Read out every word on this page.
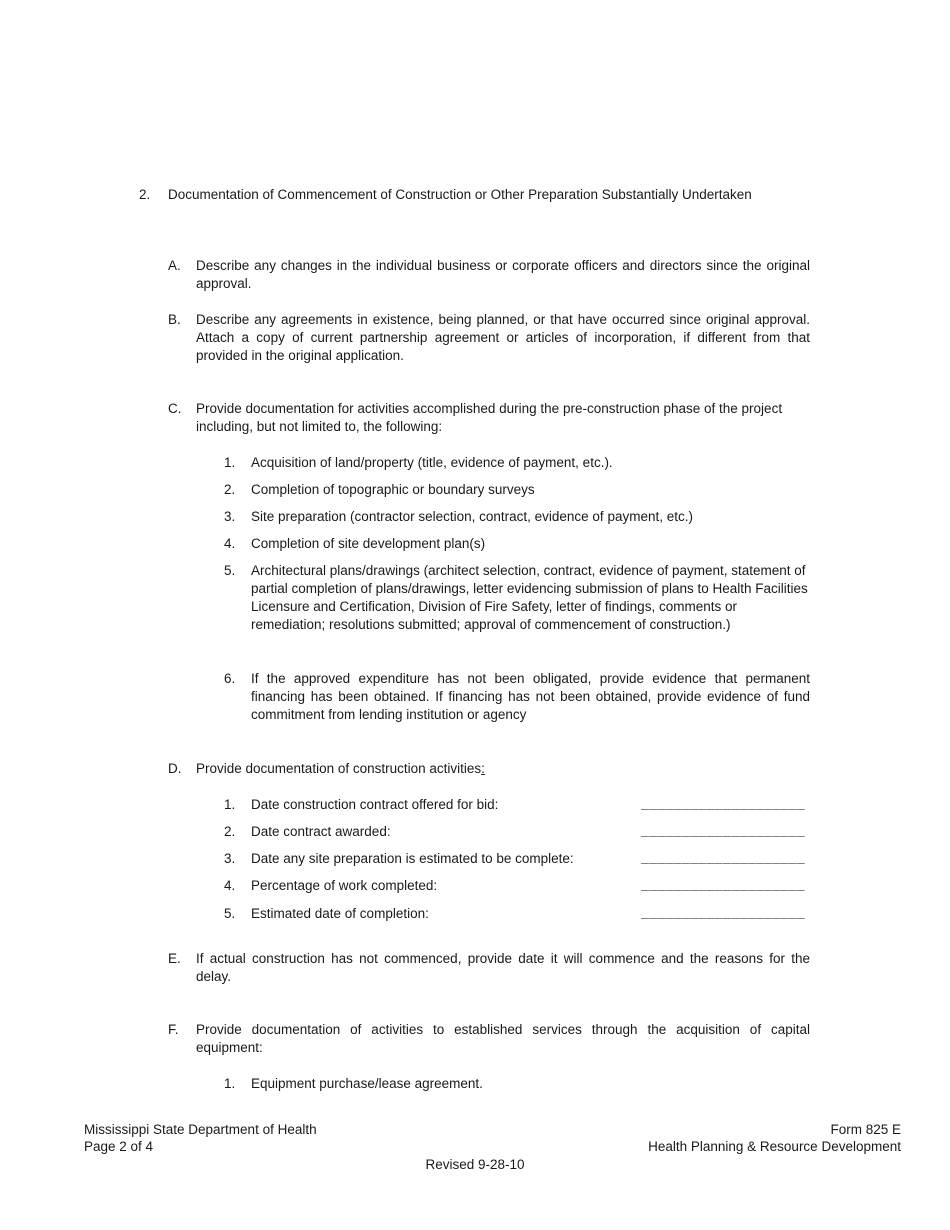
2. Documentation of Commencement of Construction or Other Preparation Substantially Undertaken
A. Describe any changes in the individual business or corporate officers and directors since the original approval.
B. Describe any agreements in existence, being planned, or that have occurred since original approval. Attach a copy of current partnership agreement or articles of incorporation, if different from that provided in the original application.
C. Provide documentation for activities accomplished during the pre-construction phase of the project including, but not limited to, the following:
1. Acquisition of land/property (title, evidence of payment, etc.).
2. Completion of topographic or boundary surveys
3. Site preparation (contractor selection, contract, evidence of payment, etc.)
4. Completion of site development plan(s)
5. Architectural plans/drawings (architect selection, contract, evidence of payment, statement of partial completion of plans/drawings, letter evidencing submission of plans to Health Facilities Licensure and Certification, Division of Fire Safety, letter of findings, comments or remediation; resolutions submitted; approval of commencement of construction.)
6. If the approved expenditure has not been obligated, provide evidence that permanent financing has been obtained. If financing has not been obtained, provide evidence of fund commitment from lending institution or agency
D. Provide documentation of construction activities:
1. Date construction contract offered for bid:	____________________
2. Date contract awarded:	____________________
3. Date any site preparation is estimated to be complete:	____________________
4. Percentage of work completed:	____________________
5. Estimated date of completion:	____________________
E. If actual construction has not commenced, provide date it will commence and the reasons for the delay.
F. Provide documentation of activities to established services through the acquisition of capital equipment:
1. Equipment purchase/lease agreement.
Mississippi State Department of Health
Page 2 of 4
Form 825 E
Health Planning & Resource Development
Revised 9-28-10
